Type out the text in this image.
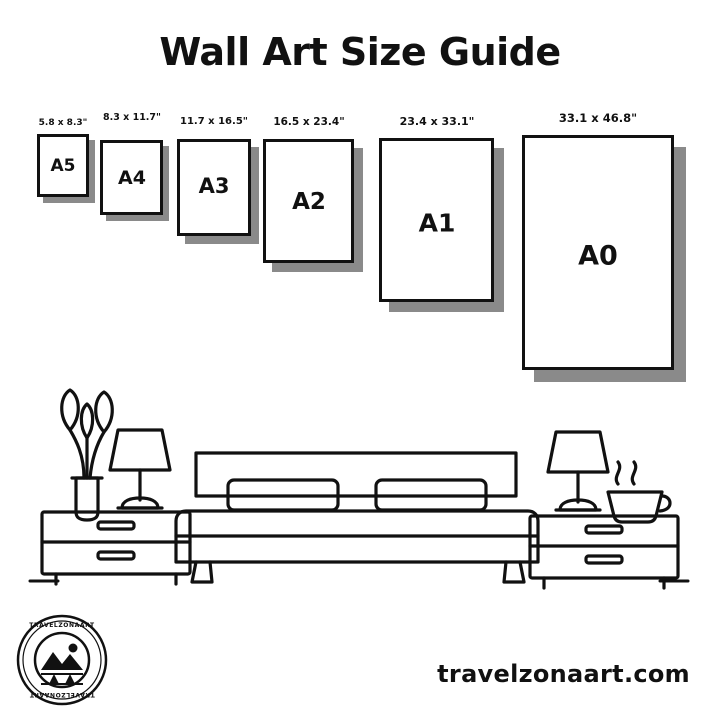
Wall Art Size Guide
A5
5.8 x 8.3"
A4
8.3 x 11.7"
A3
11.7 x 16.5"
A2
16.5 x 23.4"
A1
23.4 x 33.1"
A0
33.1 x 46.8"
travelzonaart.com
TRAVELZONAART
TRAVELZONAART
